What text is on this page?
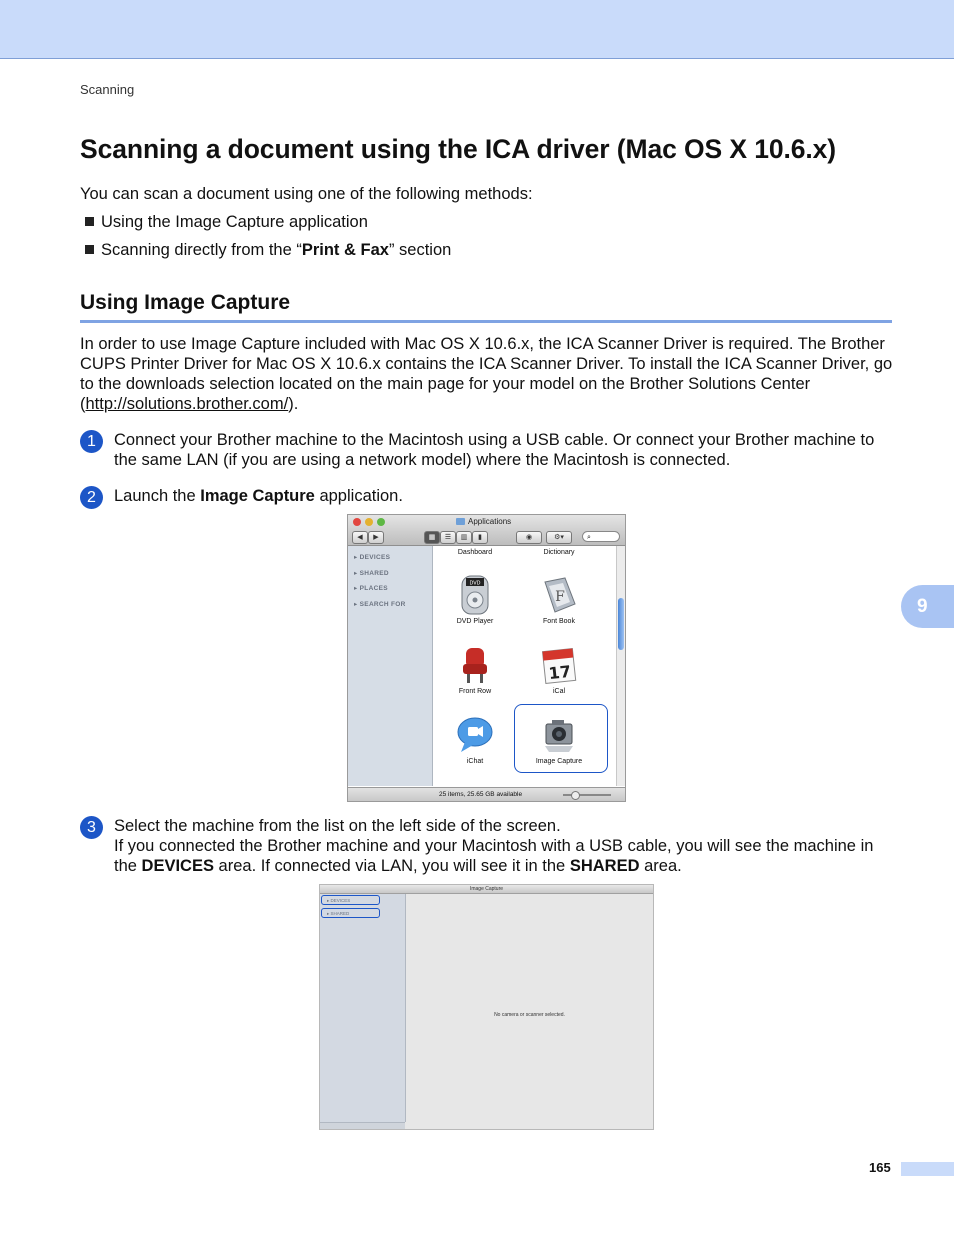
Scanning
Scanning a document using the ICA driver (Mac OS X 10.6.x)

You can scan a document using one of the following methods:

Using the Image Capture application
Scanning directly from the “Print & Fax” section
Using Image Capture
In order to use Image Capture included with Mac OS X 10.6.x, the ICA Scanner Driver is required. The Brother CUPS Printer Driver for Mac OS X 10.6.x contains the ICA Scanner Driver. To install the ICA Scanner Driver, go to the downloads selection located on the main page for your model on the Brother Solutions Center (http://solutions.brother.com/).
1	Connect your Brother machine to the Macintosh using a USB cable. Or connect your Brother machine to the same LAN (if you are using a network model) where the Macintosh is connected.
2	Launch the Image Capture application.
Applications
◀	▶	▦	☰	▥	▮	◉	⚙▾	⌕
▸ DEVICES
▸ SHARED
▸ PLACES
▸ SEARCH FOR
Dashboard	Dictionary
DVD
DVD Player
F
Font Book
Front Row
17
iCal
iChat	Image Capture
25 items, 25.65 GB available
3	Select the machine from the list on the left side of the screen.
If you connected the Brother machine and your Macintosh with a USB cable, you will see the machine in the DEVICES area. If connected via LAN, you will see it in the SHARED area.
Image Capture
▸ DEVICES
▸ SHARED
No camera or scanner selected.
9
165
